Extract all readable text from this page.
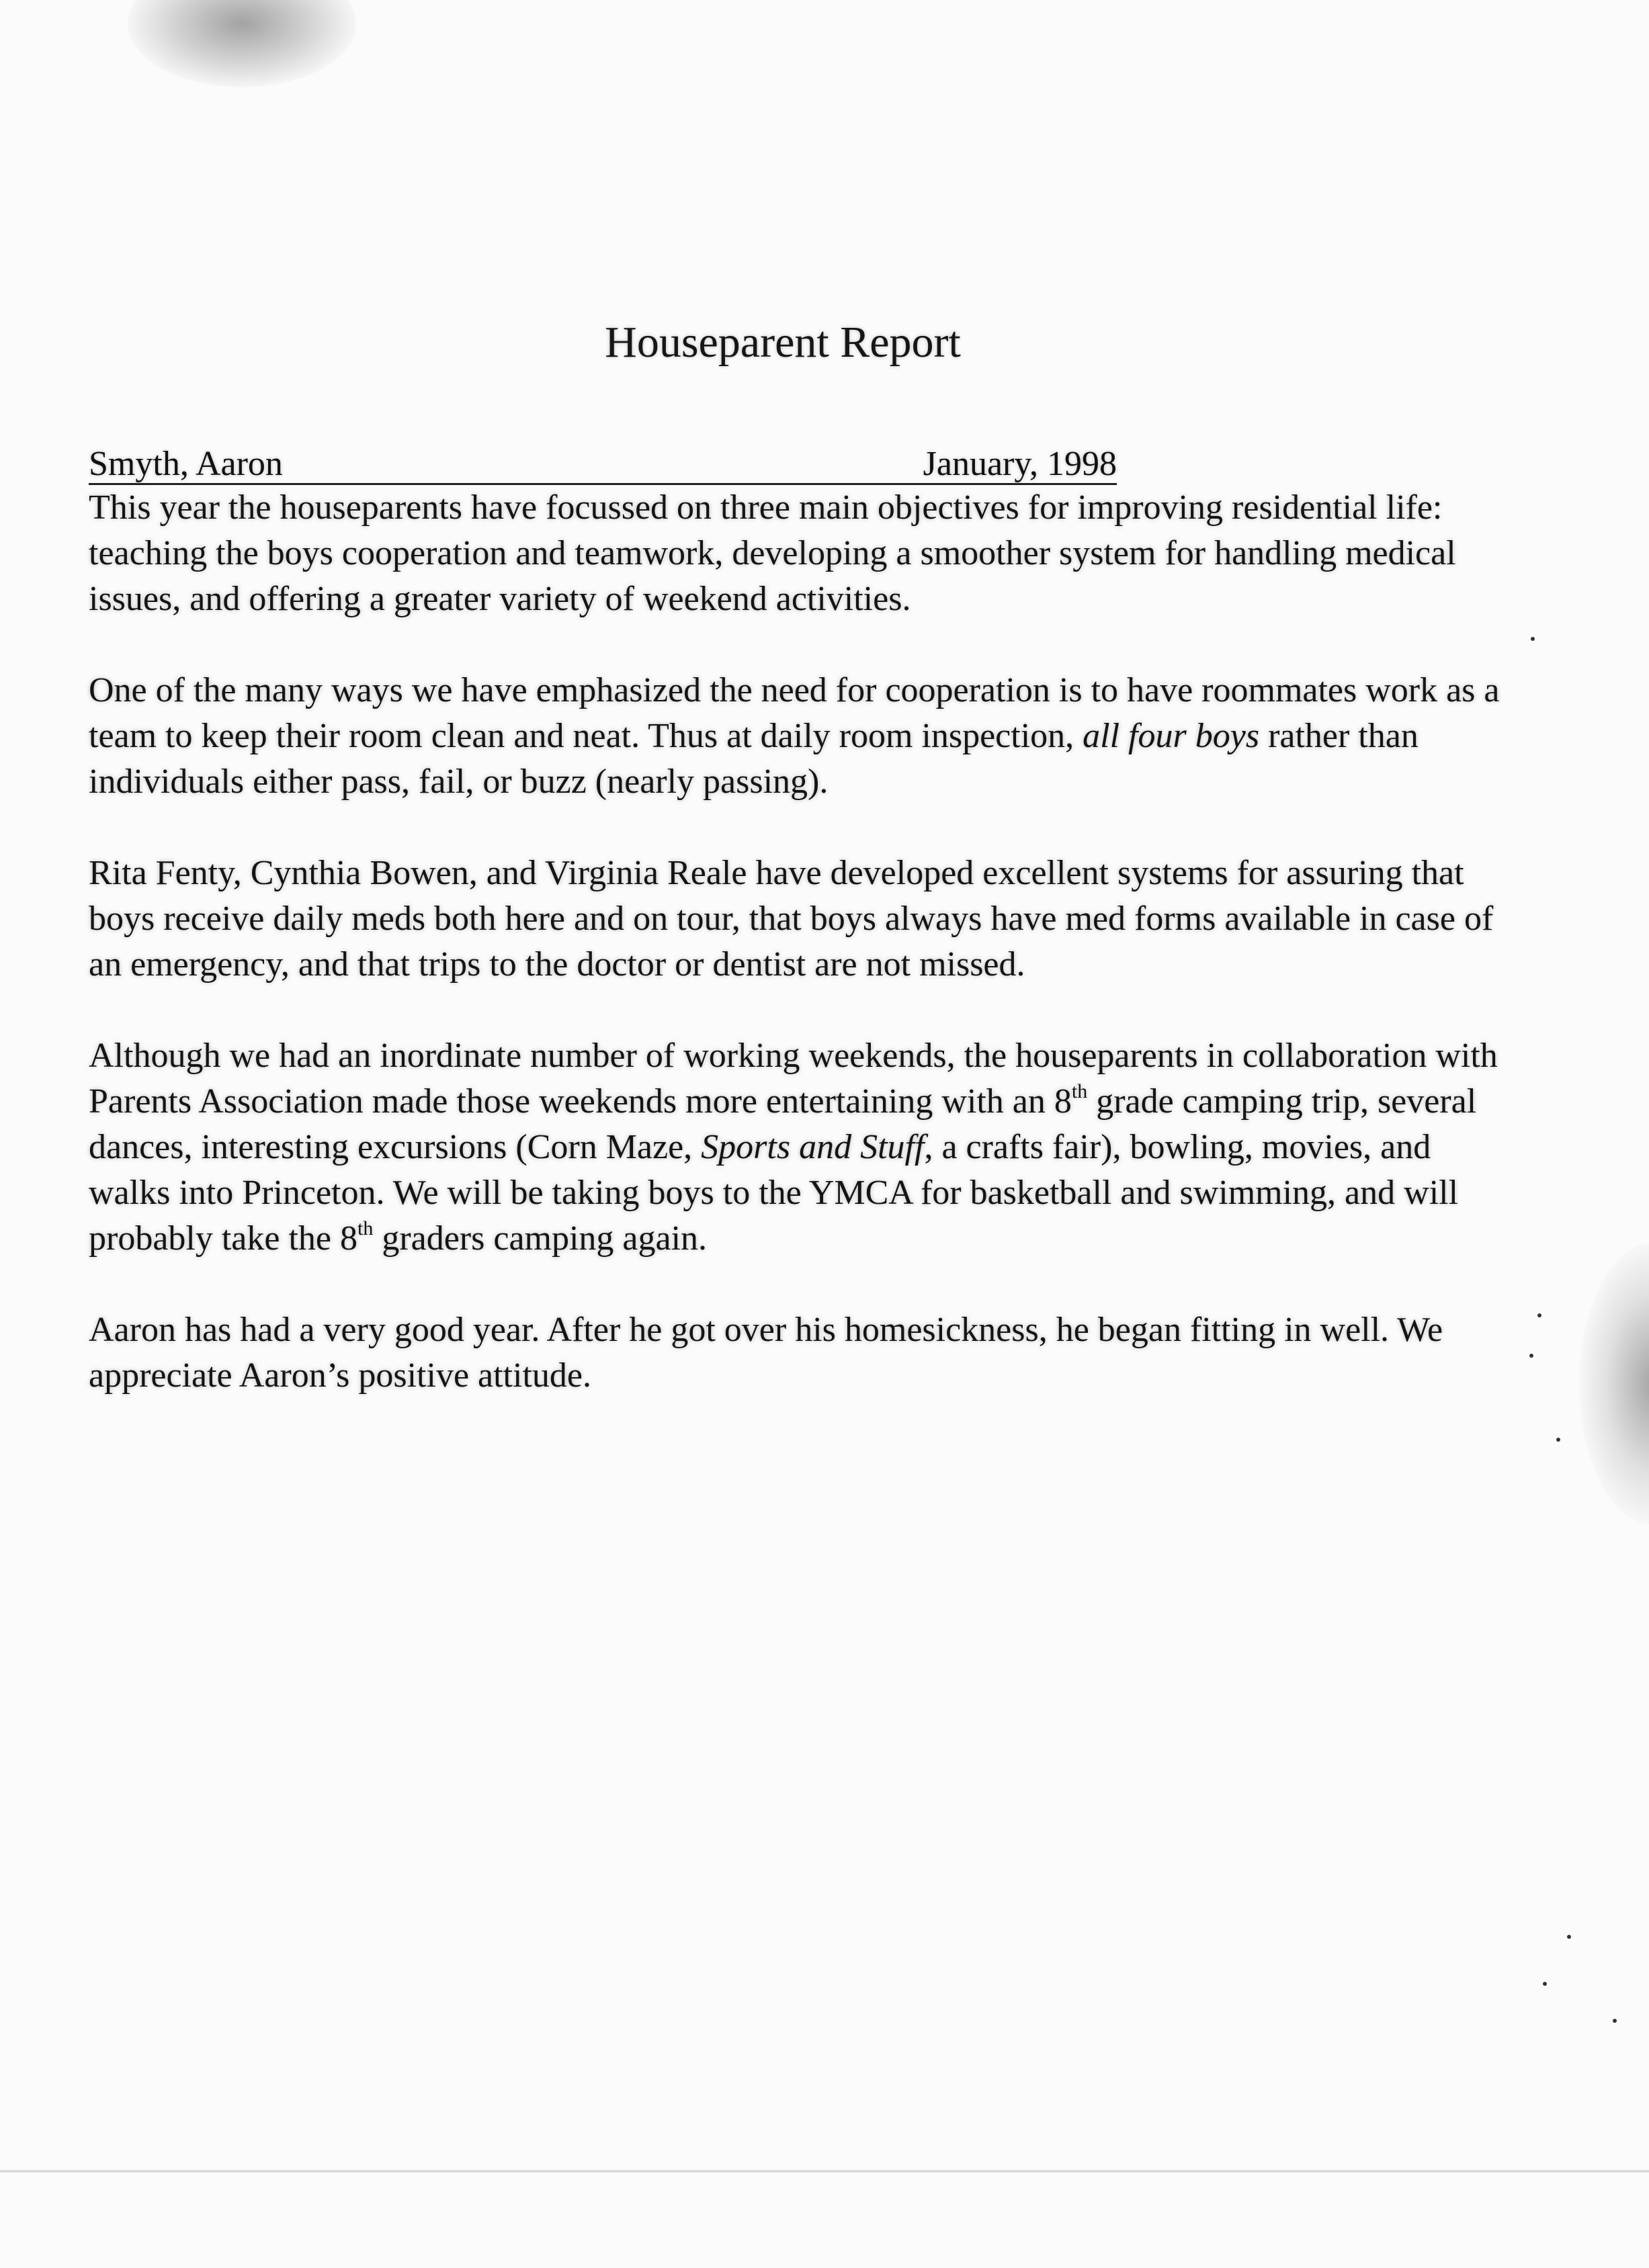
Houseparent Report
Smyth, Aaron	January, 1998

This year the houseparents have focussed on three main objectives for improving residential life: teaching the boys cooperation and teamwork, developing a smoother system for handling medical issues, and offering a greater variety of weekend activities.

One of the many ways we have emphasized the need for cooperation is to have roommates work as a team to keep their room clean and neat. Thus at daily room inspection, all four boys rather than individuals either pass, fail, or buzz (nearly passing).

Rita Fenty, Cynthia Bowen, and Virginia Reale have developed excellent systems for assuring that boys receive daily meds both here and on tour, that boys always have med forms available in case of an emergency, and that trips to the doctor or dentist are not missed.

Although we had an inordinate number of working weekends, the houseparents in collaboration with Parents Association made those weekends more entertaining with an 8th grade camping trip, several dances, interesting excursions (Corn Maze, Sports and Stuff, a crafts fair), bowling, movies, and walks into Princeton. We will be taking boys to the YMCA for basketball and swimming, and will probably take the 8th graders camping again.

Aaron has had a very good year. After he got over his homesickness, he began fitting in well. We appreciate Aaron’s positive attitude.
